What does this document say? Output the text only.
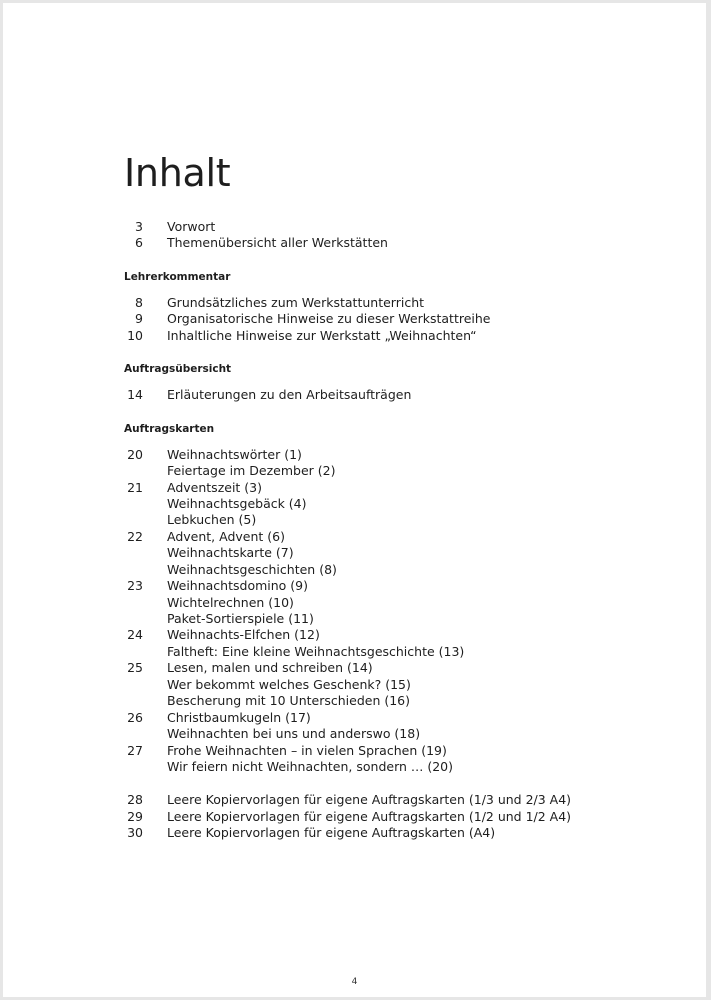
Inhalt
3 Vorwort
6 Themenübersicht aller Werkstätten
Lehrerkommentar
8 Grundsätzliches zum Werkstattunterricht
9 Organisatorische Hinweise zu dieser Werkstattreihe
10 Inhaltliche Hinweise zur Werkstatt „Weihnachten“
Auftragsübersicht
14 Erläuterungen zu den Arbeitsaufträgen
Auftragskarten
20 Weihnachtswörter (1)
Feiertage im Dezember (2)
21 Adventszeit (3)
Weihnachtsgebäck (4)
Lebkuchen (5)
22 Advent, Advent (6)
Weihnachtskarte (7)
Weihnachtsgeschichten (8)
23 Weihnachtsdomino (9)
Wichtelrechnen (10)
Paket-Sortierspiele (11)
24 Weihnachts-Elfchen (12)
Faltheft: Eine kleine Weihnachtsgeschichte (13)
25 Lesen, malen und schreiben (14)
Wer bekommt welches Geschenk? (15)
Bescherung mit 10 Unterschieden (16)
26 Christbaumkugeln (17)
Weihnachten bei uns und anderswo (18)
27 Frohe Weihnachten – in vielen Sprachen (19)
Wir feiern nicht Weihnachten, sondern … (20)
28 Leere Kopiervorlagen für eigene Auftragskarten (1/3 und 2/3 A4)
29 Leere Kopiervorlagen für eigene Auftragskarten (1/2 und 1/2 A4)
30 Leere Kopiervorlagen für eigene Auftragskarten (A4)
4
